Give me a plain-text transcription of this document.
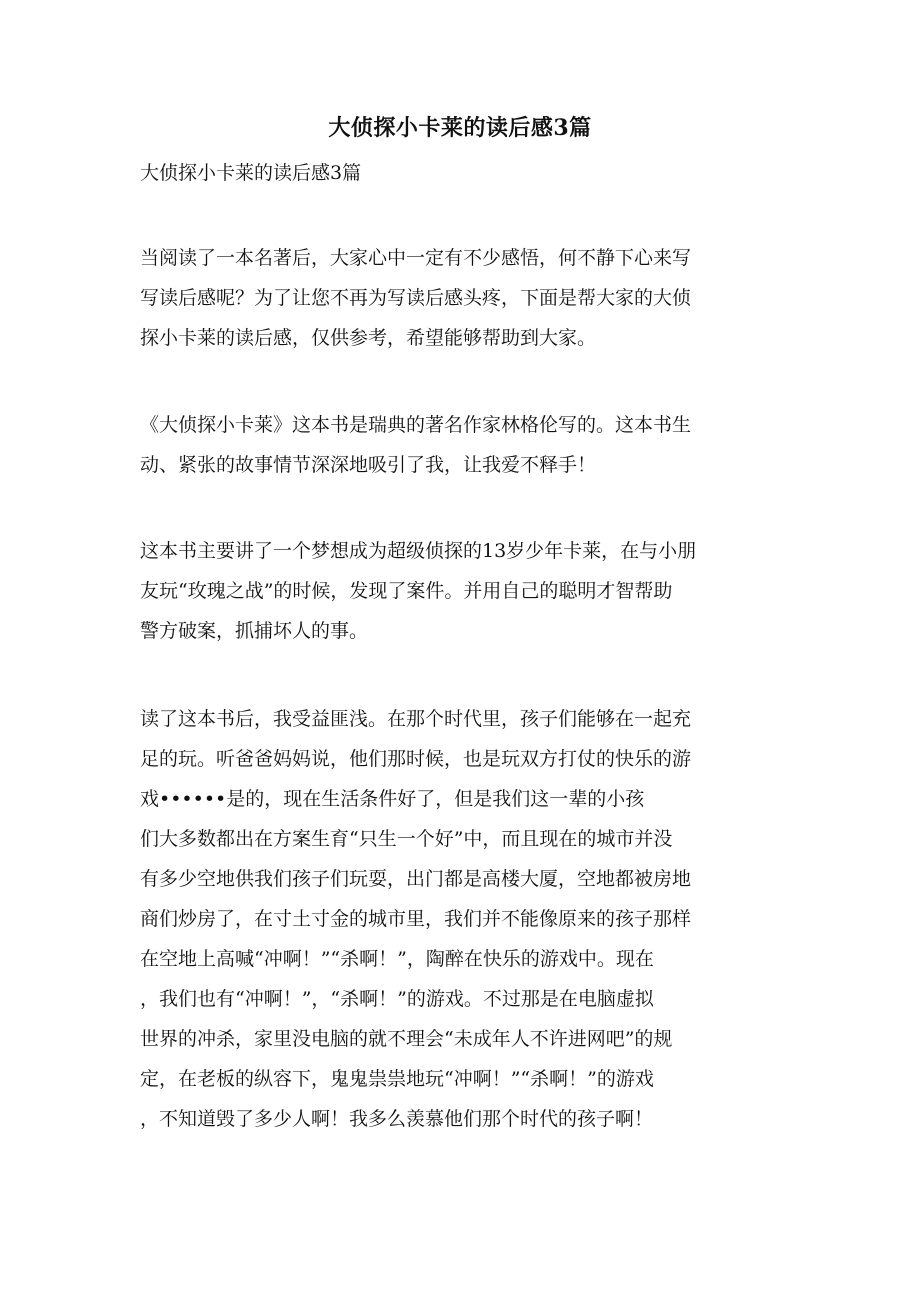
大侦探小卡莱的读后感3篇
大侦探小卡莱的读后感3篇
当阅读了一本名著后，大家心中一定有不少感悟，何不静下心来写
写读后感呢？为了让您不再为写读后感头疼，下面是帮大家的大侦
探小卡莱的读后感，仅供参考，希望能够帮助到大家。
《大侦探小卡莱》这本书是瑞典的著名作家林格伦写的。这本书生
动、紧张的故事情节深深地吸引了我，让我爱不释手！
这本书主要讲了一个梦想成为超级侦探的13岁少年卡莱，在与小朋
友玩“玫瑰之战”的时候，发现了案件。并用自己的聪明才智帮助
警方破案，抓捕坏人的事。
读了这本书后，我受益匪浅。在那个时代里，孩子们能够在一起充
足的玩。听爸爸妈妈说，他们那时候，也是玩双方打仗的快乐的游
戏••••••是的，现在生活条件好了，但是我们这一辈的小孩
们大多数都出在方案生育“只生一个好”中，而且现在的城市并没
有多少空地供我们孩子们玩耍，出门都是高楼大厦，空地都被房地
商们炒房了，在寸土寸金的城市里，我们并不能像原来的孩子那样
在空地上高喊“冲啊！”“杀啊！”，陶醉在快乐的游戏中。现在
，我们也有“冲啊！”，“杀啊！”的游戏。不过那是在电脑虚拟
世界的冲杀，家里没电脑的就不理会“未成年人不许进网吧”的规
定，在老板的纵容下，鬼鬼祟祟地玩“冲啊！”“杀啊！”的游戏
，不知道毁了多少人啊！我多么羡慕他们那个时代的孩子啊！
